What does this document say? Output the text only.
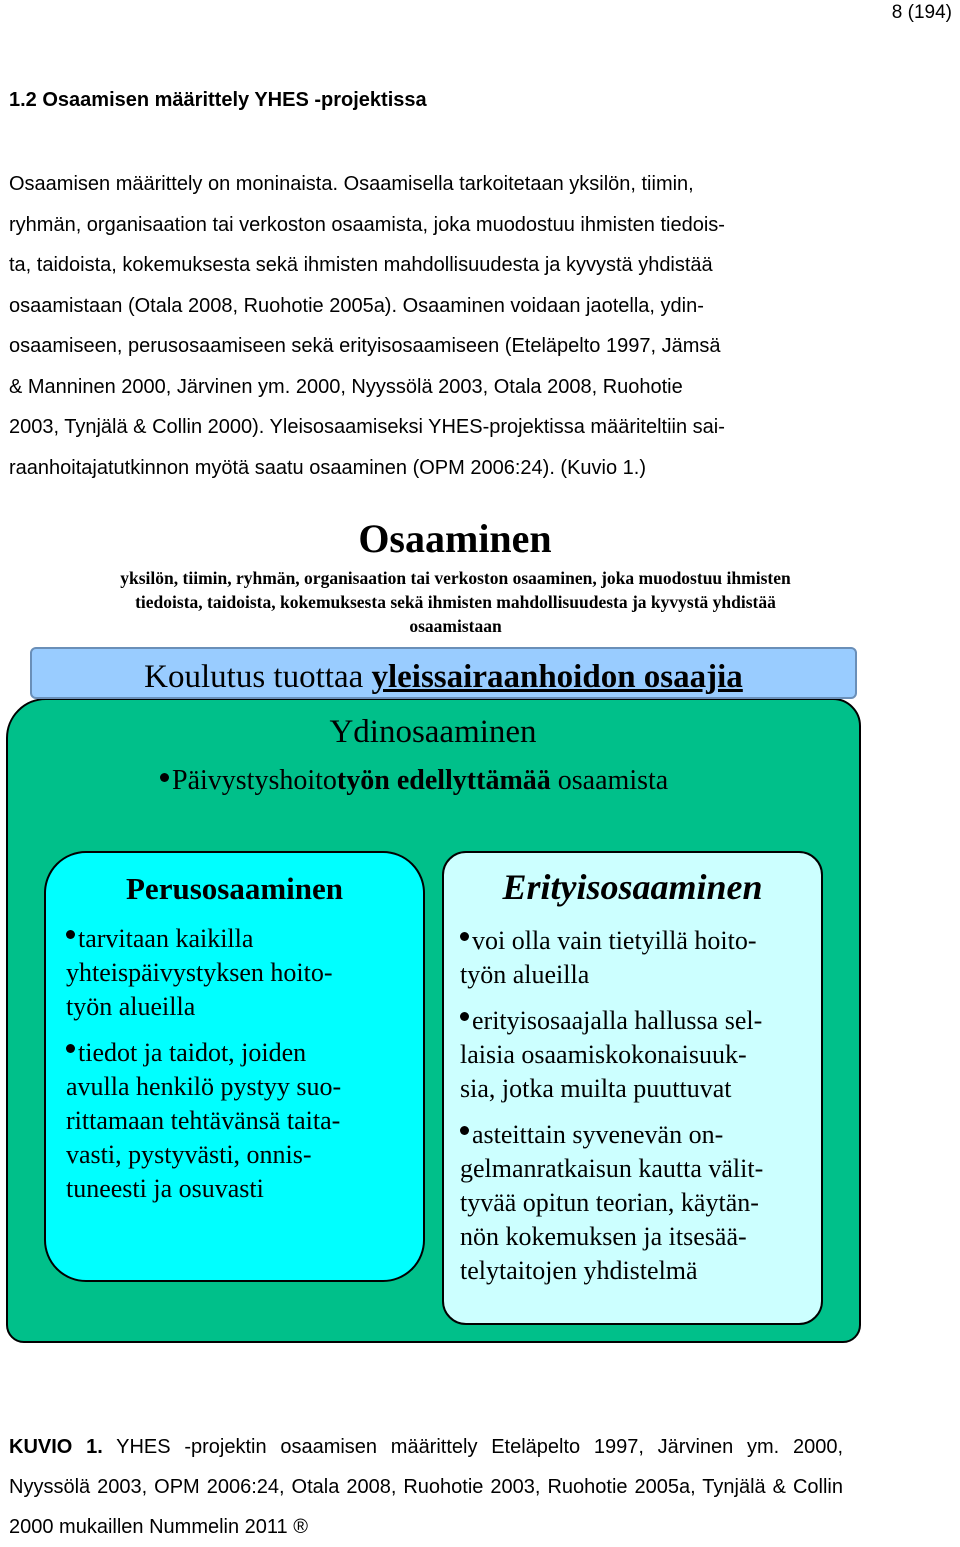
8 (194)
1.2 Osaamisen määrittely YHES -projektissa
Osaamisen määrittely on moninaista. Osaamisella tarkoitetaan yksilön, tiimin,
ryhmän, organisaation tai verkoston osaamista, joka muodostuu ihmisten tiedois-
ta, taidoista, kokemuksesta sekä ihmisten mahdollisuudesta ja kyvystä yhdistää
osaamistaan (Otala 2008, Ruohotie 2005a). Osaaminen voidaan jaotella, ydin-
osaamiseen, perusosaamiseen sekä erityisosaamiseen (Eteläpelto 1997, Jämsä
& Manninen 2000, Järvinen ym. 2000, Nyyssölä 2003, Otala 2008, Ruohotie
2003, Tynjälä & Collin 2000). Yleisosaamiseksi YHES-projektissa määriteltiin sai-
raanhoitajatutkinnon myötä saatu osaaminen (OPM 2006:24). (Kuvio 1.)
Osaaminen
yksilön, tiimin, ryhmän, organisaation tai verkoston osaaminen, joka muodostuu ihmisten
tiedoista, taidoista, kokemuksesta sekä ihmisten mahdollisuudesta ja kyvystä yhdistää
osaamistaan
Koulutus tuottaa yleissairaanhoidon osaajia
Ydinosaaminen
Päivystyshoitotyön edellyttämää osaamista
Perusosaaminen	Erityisosaaminen
tarvitaan kaikilla
yhteispäivystyksen hoito-
työn alueilla
tiedot ja taidot, joiden
avulla henkilö pystyy suo-
rittamaan tehtävänsä taita-
vasti, pystyvästi, onnis-
tuneesti ja osuvasti
voi olla vain tietyillä hoito-
työn alueilla
erityisosaajalla hallussa sel-
laisia osaamiskokonaisuuk-
sia, jotka muilta puuttuvat
asteittain syvenevän on-
gelmanratkaisun kautta välit-
tyvää opitun teorian, käytän-
nön kokemuksen ja itsesää-
telytaitojen yhdistelmä
KUVIO 1. YHES -projektin osaamisen määrittely Eteläpelto 1997, Järvinen ym. 2000, Nyyssölä 2003, OPM 2006:24, Otala 2008, Ruohotie 2003, Ruohotie 2005a, Tynjälä & Collin 2000 mukaillen Nummelin 2011 ®
